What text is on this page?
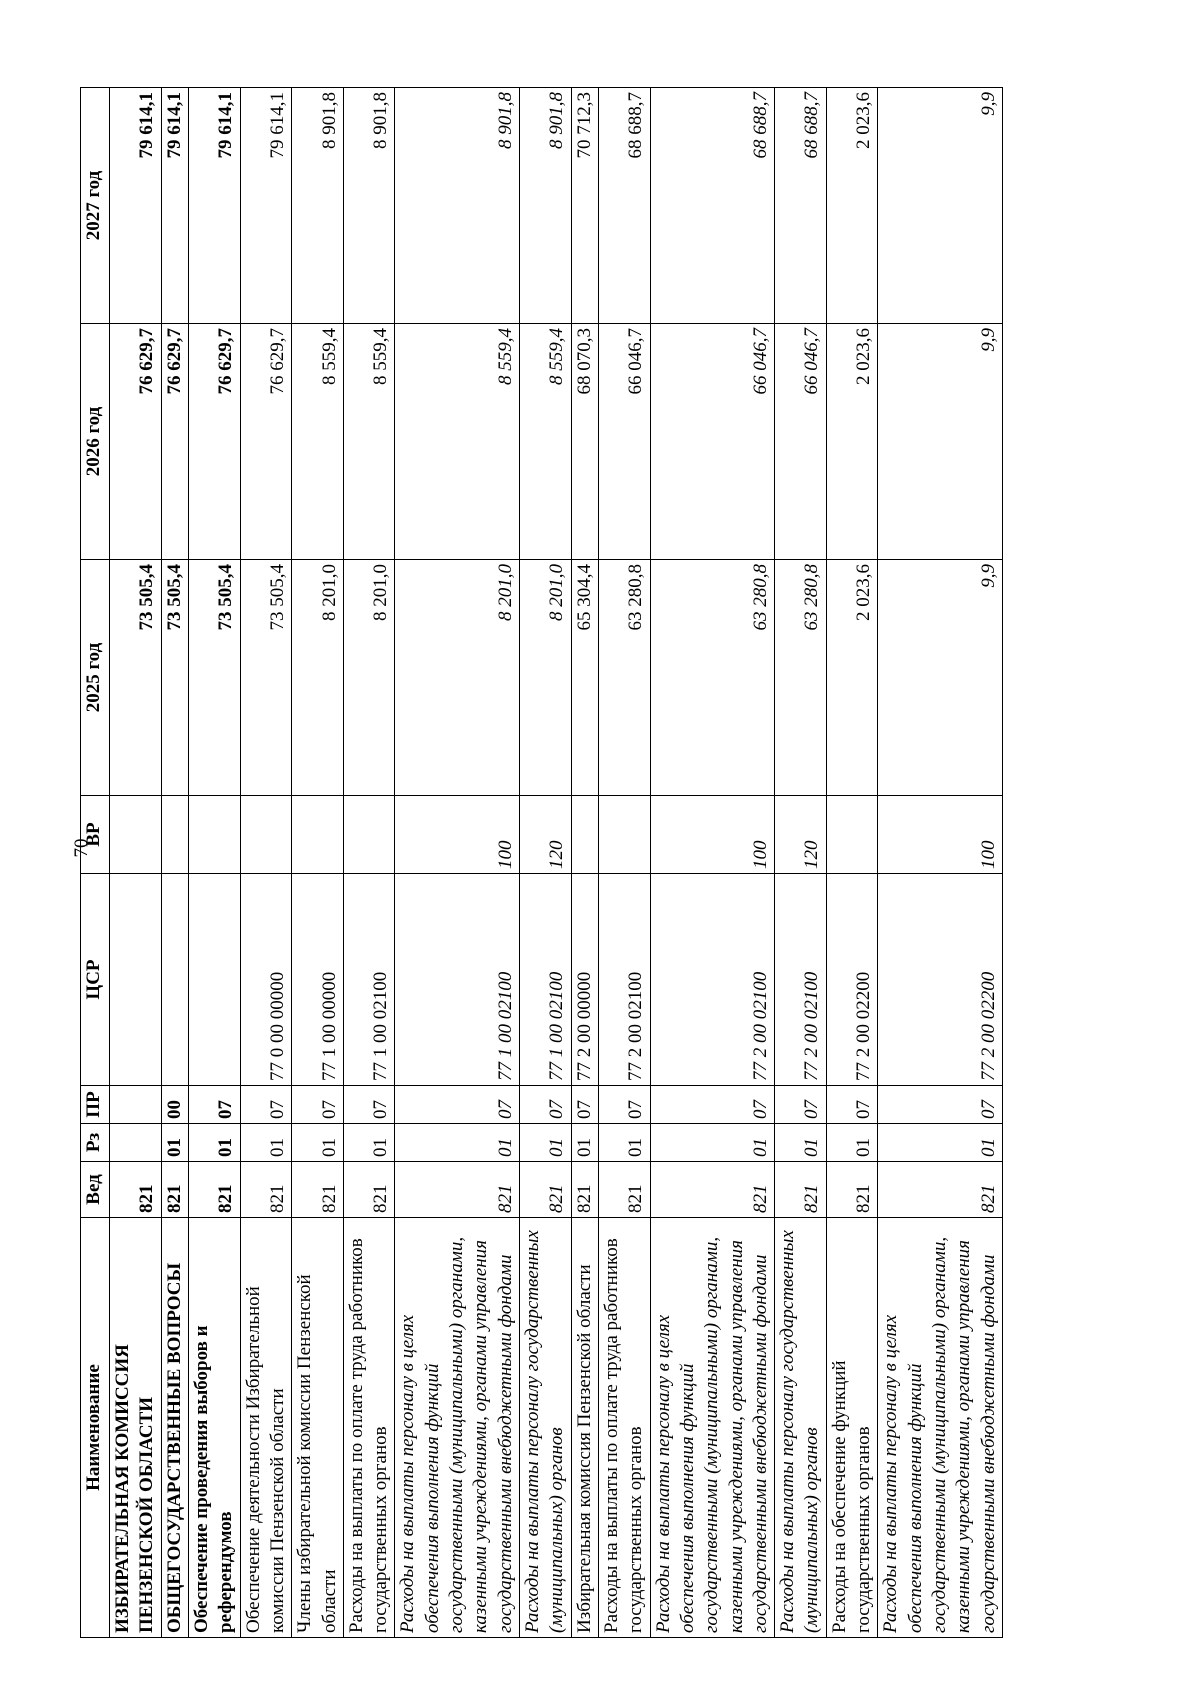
70
Наименование	Вед	Рз	ПР	ЦСР	ВР	2025 год	2026 год	2027 год
ИЗБИРАТЕЛЬНАЯ КОМИССИЯ ПЕНЗЕНСКОЙ ОБЛАСТИ	821					73 505,4	76 629,7	79 614,1
ОБЩЕГОСУДАРСТВЕННЫЕ ВОПРОСЫ	821	01	00			73 505,4	76 629,7	79 614,1
Обеспечение проведения выборов и референдумов	821	01	07			73 505,4	76 629,7	79 614,1
Обеспечение деятельности Избирательной комиссии Пензенской области	821	01	07	77 0 00 00000		73 505,4	76 629,7	79 614,1
Члены избирательной комиссии Пензенской области	821	01	07	77 1 00 00000		8 201,0	8 559,4	8 901,8
Расходы на выплаты по оплате труда работников государственных органов	821	01	07	77 1 00 02100		8 201,0	8 559,4	8 901,8
Расходы на выплаты персоналу в целях обеспечения выполнения функций государственными (муниципальными) органами, казенными учреждениями, органами управления государственными внебюджетными фондами	821	01	07	77 1 00 02100	100	8 201,0	8 559,4	8 901,8
Расходы на выплаты персоналу государственных (муниципальных) органов	821	01	07	77 1 00 02100	120	8 201,0	8 559,4	8 901,8
Избирательная комиссия Пензенской области	821	01	07	77 2 00 00000		65 304,4	68 070,3	70 712,3
Расходы на выплаты по оплате труда работников государственных органов	821	01	07	77 2 00 02100		63 280,8	66 046,7	68 688,7
Расходы на выплаты персоналу в целях обеспечения выполнения функций государственными (муниципальными) органами, казенными учреждениями, органами управления государственными внебюджетными фондами	821	01	07	77 2 00 02100	100	63 280,8	66 046,7	68 688,7
Расходы на выплаты персоналу государственных (муниципальных) органов	821	01	07	77 2 00 02100	120	63 280,8	66 046,7	68 688,7
Расходы на обеспечение функций государственных органов	821	01	07	77 2 00 02200		2 023,6	2 023,6	2 023,6
Расходы на выплаты персоналу в целях обеспечения выполнения функций государственными (муниципальными) органами, казенными учреждениями, органами управления государственными внебюджетными фондами	821	01	07	77 2 00 02200	100	9,9	9,9	9,9
